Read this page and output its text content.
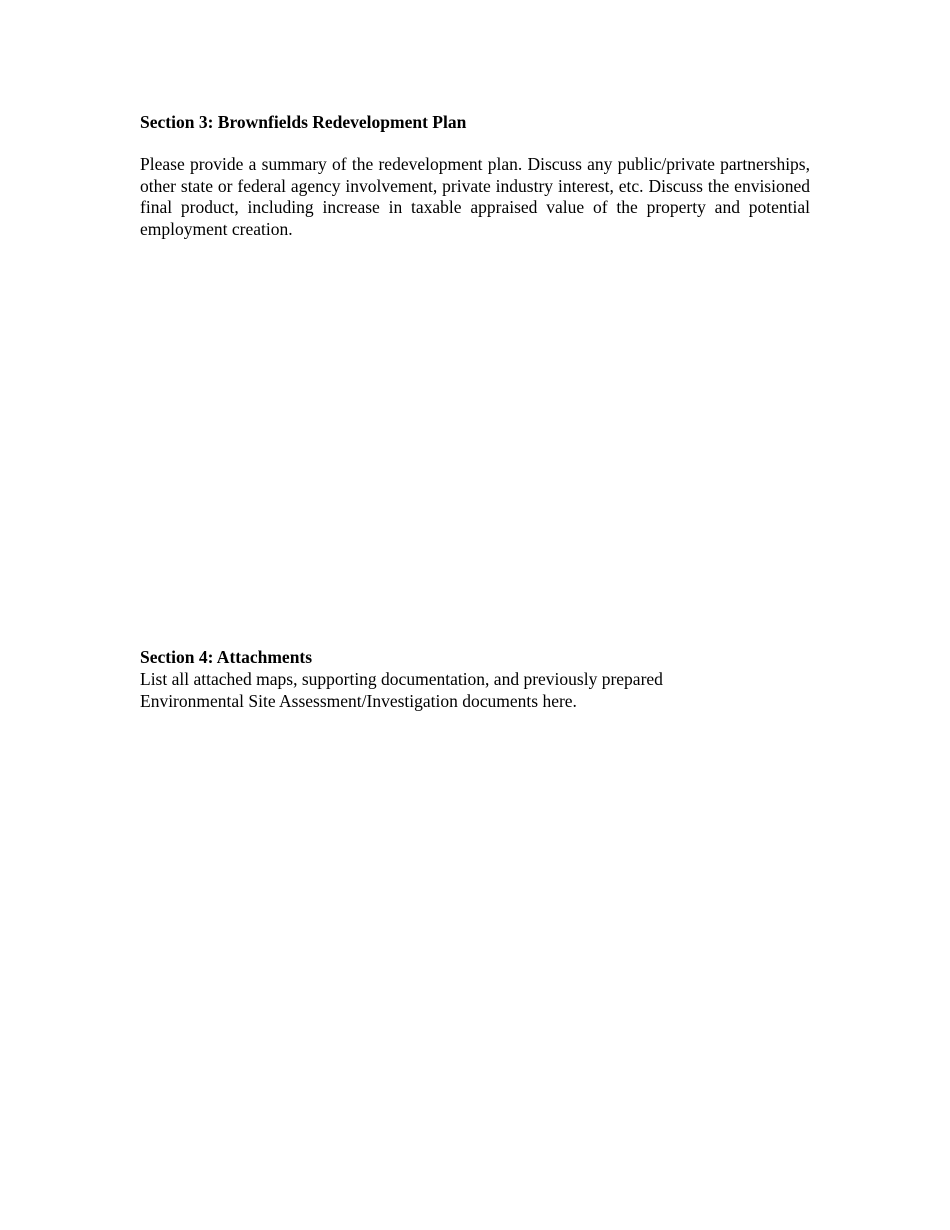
Section 3: Brownfields Redevelopment Plan

Please provide a summary of the redevelopment plan. Discuss any public/private partnerships, other state or federal agency involvement, private industry interest, etc. Discuss the envisioned final product, including increase in taxable appraised value of the property and potential employment creation.

Section 4: Attachments

List all attached maps, supporting documentation, and previously prepared
Environmental Site Assessment/Investigation documents here.
